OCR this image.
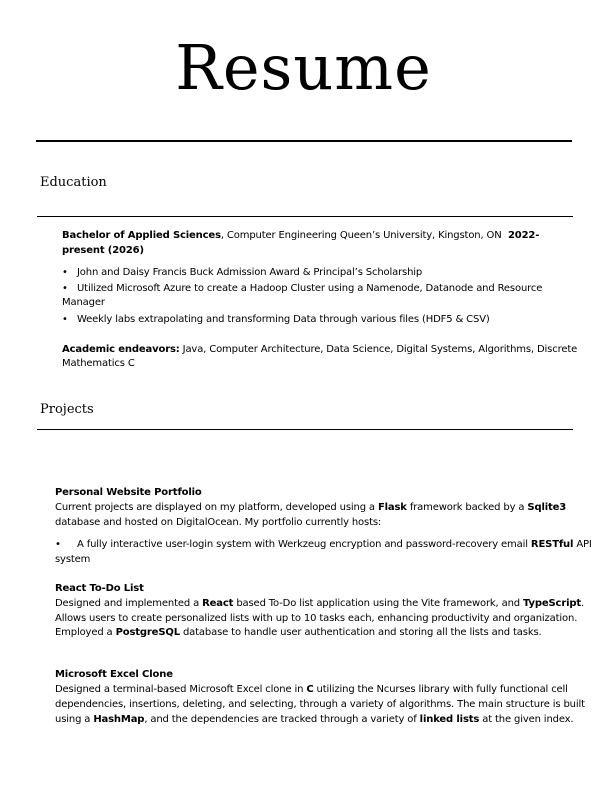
Resume
Education
Bachelor of Applied Sciences, Computer Engineering Queen’s University, Kingston, ON 2022-
present (2026)
• John and Daisy Francis Buck Admission Award & Principal’s Scholarship
• Utilized Microsoft Azure to create a Hadoop Cluster using a Namenode, Datanode and Resource
Manager
• Weekly labs extrapolating and transforming Data through various files (HDF5 & CSV)
Academic endeavors: Java, Computer Architecture, Data Science, Digital Systems, Algorithms, Discrete
Mathematics C
Projects
Personal Website Portfolio
Current projects are displayed on my platform, developed using a Flask framework backed by a Sqlite3
database and hosted on DigitalOcean. My portfolio currently hosts:
• A fully interactive user-login system with Werkzeug encryption and password-recovery email RESTful API
system
React To-Do List
Designed and implemented a React based To-Do list application using the Vite framework, and TypeScript.
Allows users to create personalized lists with up to 10 tasks each, enhancing productivity and organization.
Employed a PostgreSQL database to handle user authentication and storing all the lists and tasks.
Microsoft Excel Clone
Designed a terminal-based Microsoft Excel clone in C utilizing the Ncurses library with fully functional cell
dependencies, insertions, deleting, and selecting, through a variety of algorithms. The main structure is built
using a HashMap, and the dependencies are tracked through a variety of linked lists at the given index.
